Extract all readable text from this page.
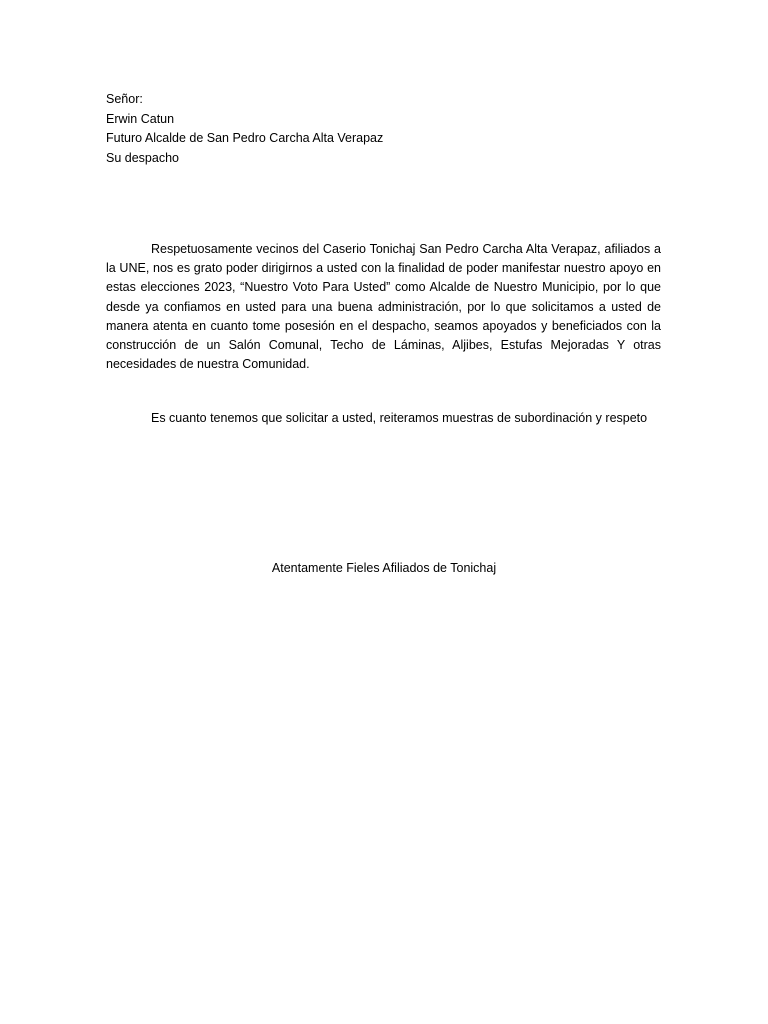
Señor:
Erwin Catun
Futuro Alcalde de San Pedro Carcha Alta Verapaz
Su despacho

Respetuosamente vecinos del Caserio Tonichaj San Pedro Carcha Alta Verapaz, afiliados a la UNE, nos es grato poder dirigirnos a usted con la finalidad de poder manifestar nuestro apoyo en estas elecciones 2023, “Nuestro Voto Para Usted” como Alcalde de Nuestro Municipio, por lo que desde ya confiamos en usted para una buena administración, por lo que solicitamos a usted de manera atenta en cuanto tome posesión en el despacho, seamos apoyados y beneficiados con la construcción de un Salón Comunal, Techo de Láminas, Aljibes, Estufas Mejoradas Y otras necesidades de nuestra Comunidad.

Es cuanto tenemos que solicitar a usted, reiteramos muestras de subordinación y respeto

Atentamente Fieles Afiliados de Tonichaj
